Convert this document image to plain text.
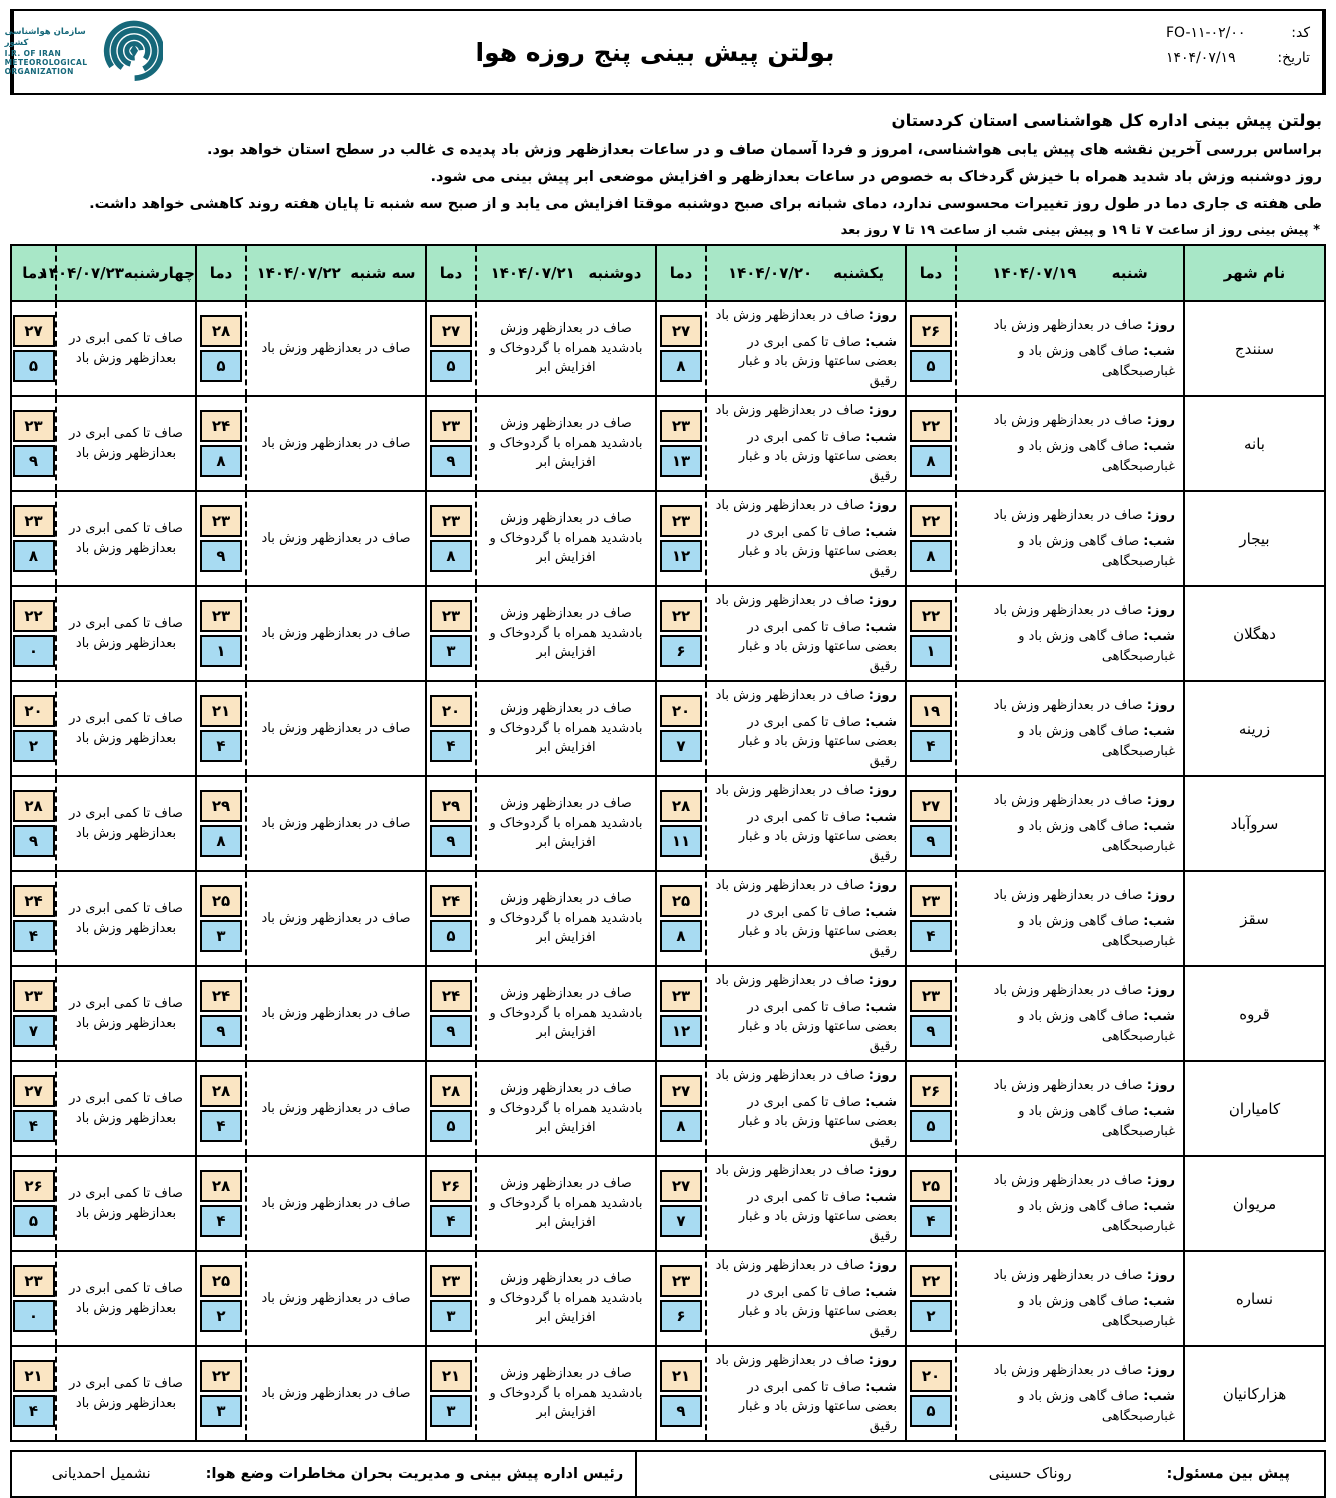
کد:
FO-۱۱-۰۲/۰۰
تاریخ:
۱۴۰۴/۰۷/۱۹
بولتن پیش بینی پنج روزه هوا
سازمان هواشناسی کشور
I.R. OF IRAN
METEOROLOGICAL
ORGANIZATION
بولتن پیش بینی اداره کل هواشناسی استان کردستان
براساس بررسی آخرین نقشه های پیش یابی هواشناسی، امروز و فردا آسمان صاف و در ساعات بعدازظهر وزش باد پدیده ی غالب در سطح استان خواهد بود.
روز دوشنبه وزش باد شدید همراه با خیزش گردخاک به خصوص در ساعات بعدازظهر و افزایش موضعی ابر پیش بینی می شود.
طی هفته ی جاری دما در طول روز تغییرات محسوسی ندارد، دمای شبانه برای صبح دوشنبه موقتا افزایش می یابد و از صبح سه شنبه تا پایان هفته روند کاهشی خواهد داشت.
* پیش بینی روز از ساعت ۷ تا ۱۹ و پیش بینی شب از ساعت ۱۹ تا ۷ روز بعد
نام شهر	شنبه
۱۴۰۴/۰۷/۱۹	دما	یکشنبه
۱۴۰۴/۰۷/۲۰	دما	دوشنبه
۱۴۰۴/۰۷/۲۱	دما	سه شنبه
۱۴۰۴/۰۷/۲۲	دما	چهارشنبه
۱۴۰۴/۰۷/۲۳	دما
سنندج	
روز: صاف در بعدازظهر وزش باد
شب: صاف گاهی وزش باد و غبارصبحگاهی

۲۶
۵

روز: صاف در بعدازظهر وزش باد
شب: صاف تا کمی ابری در بعضی ساعتها وزش باد و غبار رقیق

۲۷
۸
	صاف در بعدازظهر وزش بادشدید همراه با گردوخاک و افزایش ابر	
۲۷
۵
	صاف در بعدازظهر وزش باد	
۲۸
۵
	صاف تا کمی ابری در بعدازظهر وزش باد	
۲۷
۵

بانه	
روز: صاف در بعدازظهر وزش باد
شب: صاف گاهی وزش باد و غبارصبحگاهی

۲۲
۸

روز: صاف در بعدازظهر وزش باد
شب: صاف تا کمی ابری در بعضی ساعتها وزش باد و غبار رقیق

۲۳
۱۳
	صاف در بعدازظهر وزش بادشدید همراه با گردوخاک و افزایش ابر	
۲۳
۹
	صاف در بعدازظهر وزش باد	
۲۴
۸
	صاف تا کمی ابری در بعدازظهر وزش باد	
۲۳
۹

بیجار	
روز: صاف در بعدازظهر وزش باد
شب: صاف گاهی وزش باد و غبارصبحگاهی

۲۲
۸

روز: صاف در بعدازظهر وزش باد
شب: صاف تا کمی ابری در بعضی ساعتها وزش باد و غبار رقیق

۲۳
۱۲
	صاف در بعدازظهر وزش بادشدید همراه با گردوخاک و افزایش ابر	
۲۳
۸
	صاف در بعدازظهر وزش باد	
۲۳
۹
	صاف تا کمی ابری در بعدازظهر وزش باد	
۲۳
۸

دهگلان	
روز: صاف در بعدازظهر وزش باد
شب: صاف گاهی وزش باد و غبارصبحگاهی

۲۲
۱

روز: صاف در بعدازظهر وزش باد
شب: صاف تا کمی ابری در بعضی ساعتها وزش باد و غبار رقیق

۲۲
۶
	صاف در بعدازظهر وزش بادشدید همراه با گردوخاک و افزایش ابر	
۲۳
۳
	صاف در بعدازظهر وزش باد	
۲۳
۱
	صاف تا کمی ابری در بعدازظهر وزش باد	
۲۲
۰

زرینه	
روز: صاف در بعدازظهر وزش باد
شب: صاف گاهی وزش باد و غبارصبحگاهی

۱۹
۴

روز: صاف در بعدازظهر وزش باد
شب: صاف تا کمی ابری در بعضی ساعتها وزش باد و غبار رقیق

۲۰
۷
	صاف در بعدازظهر وزش بادشدید همراه با گردوخاک و افزایش ابر	
۲۰
۴
	صاف در بعدازظهر وزش باد	
۲۱
۴
	صاف تا کمی ابری در بعدازظهر وزش باد	
۲۰
۲

سروآباد	
روز: صاف در بعدازظهر وزش باد
شب: صاف گاهی وزش باد و غبارصبحگاهی

۲۷
۹

روز: صاف در بعدازظهر وزش باد
شب: صاف تا کمی ابری در بعضی ساعتها وزش باد و غبار رقیق

۲۸
۱۱
	صاف در بعدازظهر وزش بادشدید همراه با گردوخاک و افزایش ابر	
۲۹
۹
	صاف در بعدازظهر وزش باد	
۲۹
۸
	صاف تا کمی ابری در بعدازظهر وزش باد	
۲۸
۹

سقز	
روز: صاف در بعدازظهر وزش باد
شب: صاف گاهی وزش باد و غبارصبحگاهی

۲۳
۴

روز: صاف در بعدازظهر وزش باد
شب: صاف تا کمی ابری در بعضی ساعتها وزش باد و غبار رقیق

۲۵
۸
	صاف در بعدازظهر وزش بادشدید همراه با گردوخاک و افزایش ابر	
۲۴
۵
	صاف در بعدازظهر وزش باد	
۲۵
۳
	صاف تا کمی ابری در بعدازظهر وزش باد	
۲۴
۴

قروه	
روز: صاف در بعدازظهر وزش باد
شب: صاف گاهی وزش باد و غبارصبحگاهی

۲۳
۹

روز: صاف در بعدازظهر وزش باد
شب: صاف تا کمی ابری در بعضی ساعتها وزش باد و غبار رقیق

۲۳
۱۲
	صاف در بعدازظهر وزش بادشدید همراه با گردوخاک و افزایش ابر	
۲۴
۹
	صاف در بعدازظهر وزش باد	
۲۴
۹
	صاف تا کمی ابری در بعدازظهر وزش باد	
۲۳
۷

کامیاران	
روز: صاف در بعدازظهر وزش باد
شب: صاف گاهی وزش باد و غبارصبحگاهی

۲۶
۵

روز: صاف در بعدازظهر وزش باد
شب: صاف تا کمی ابری در بعضی ساعتها وزش باد و غبار رقیق

۲۷
۸
	صاف در بعدازظهر وزش بادشدید همراه با گردوخاک و افزایش ابر	
۲۸
۵
	صاف در بعدازظهر وزش باد	
۲۸
۴
	صاف تا کمی ابری در بعدازظهر وزش باد	
۲۷
۴

مریوان	
روز: صاف در بعدازظهر وزش باد
شب: صاف گاهی وزش باد و غبارصبحگاهی

۲۵
۴

روز: صاف در بعدازظهر وزش باد
شب: صاف تا کمی ابری در بعضی ساعتها وزش باد و غبار رقیق

۲۷
۷
	صاف در بعدازظهر وزش بادشدید همراه با گردوخاک و افزایش ابر	
۲۶
۴
	صاف در بعدازظهر وزش باد	
۲۸
۴
	صاف تا کمی ابری در بعدازظهر وزش باد	
۲۶
۵

نساره	
روز: صاف در بعدازظهر وزش باد
شب: صاف گاهی وزش باد و غبارصبحگاهی

۲۲
۲

روز: صاف در بعدازظهر وزش باد
شب: صاف تا کمی ابری در بعضی ساعتها وزش باد و غبار رقیق

۲۳
۶
	صاف در بعدازظهر وزش بادشدید همراه با گردوخاک و افزایش ابر	
۲۳
۳
	صاف در بعدازظهر وزش باد	
۲۵
۲
	صاف تا کمی ابری در بعدازظهر وزش باد	
۲۳
۰

هزارکانیان	
روز: صاف در بعدازظهر وزش باد
شب: صاف گاهی وزش باد و غبارصبحگاهی

۲۰
۵

روز: صاف در بعدازظهر وزش باد
شب: صاف تا کمی ابری در بعضی ساعتها وزش باد و غبار رقیق

۲۱
۹
	صاف در بعدازظهر وزش بادشدید همراه با گردوخاک و افزایش ابر	
۲۱
۳
	صاف در بعدازظهر وزش باد	
۲۲
۳
	صاف تا کمی ابری در بعدازظهر وزش باد	
۲۱
۴
پیش بین مسئول:
روناک حسینی
رئیس اداره پیش بینی و مدیریت بحران مخاطرات وضع هوا:
نشمیل احمدیانی
